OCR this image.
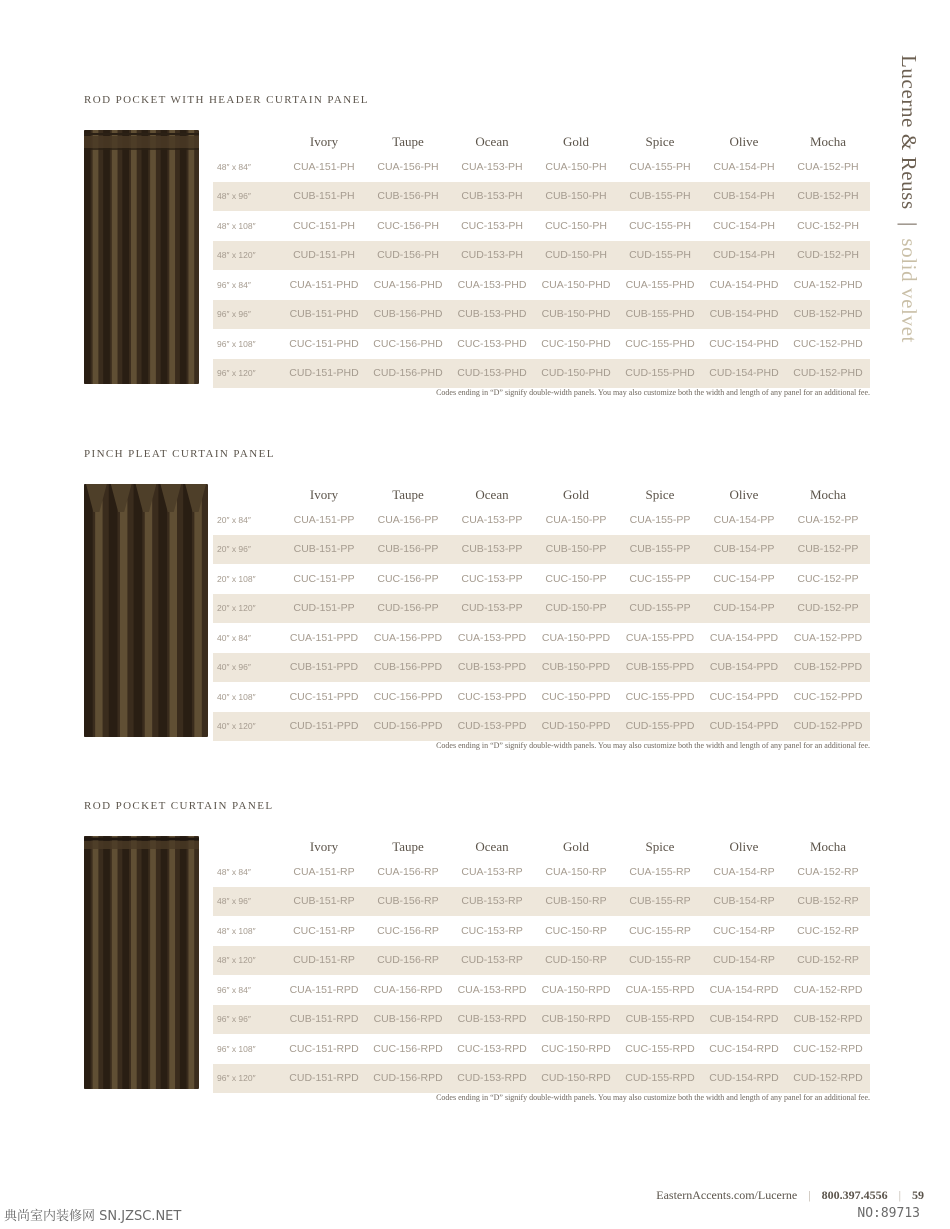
Lucerne & Reuss | solid velvet
ROD POCKET WITH HEADER CURTAIN PANEL
	Ivory	Taupe	Ocean	Gold	Spice	Olive	Mocha
48″ x 84″	CUA-151-PH	CUA-156-PH	CUA-153-PH	CUA-150-PH	CUA-155-PH	CUA-154-PH	CUA-152-PH
48″ x 96″	CUB-151-PH	CUB-156-PH	CUB-153-PH	CUB-150-PH	CUB-155-PH	CUB-154-PH	CUB-152-PH
48″ x 108″	CUC-151-PH	CUC-156-PH	CUC-153-PH	CUC-150-PH	CUC-155-PH	CUC-154-PH	CUC-152-PH
48″ x 120″	CUD-151-PH	CUD-156-PH	CUD-153-PH	CUD-150-PH	CUD-155-PH	CUD-154-PH	CUD-152-PH
96″ x 84″	CUA-151-PHD	CUA-156-PHD	CUA-153-PHD	CUA-150-PHD	CUA-155-PHD	CUA-154-PHD	CUA-152-PHD
96″ x 96″	CUB-151-PHD	CUB-156-PHD	CUB-153-PHD	CUB-150-PHD	CUB-155-PHD	CUB-154-PHD	CUB-152-PHD
96″ x 108″	CUC-151-PHD	CUC-156-PHD	CUC-153-PHD	CUC-150-PHD	CUC-155-PHD	CUC-154-PHD	CUC-152-PHD
96″ x 120″	CUD-151-PHD	CUD-156-PHD	CUD-153-PHD	CUD-150-PHD	CUD-155-PHD	CUD-154-PHD	CUD-152-PHD
Codes ending in “D” signify double-width panels. You may also customize both the width and length of any panel for an additional fee.
PINCH PLEAT CURTAIN PANEL
	Ivory	Taupe	Ocean	Gold	Spice	Olive	Mocha
20″ x 84″	CUA-151-PP	CUA-156-PP	CUA-153-PP	CUA-150-PP	CUA-155-PP	CUA-154-PP	CUA-152-PP
20″ x 96″	CUB-151-PP	CUB-156-PP	CUB-153-PP	CUB-150-PP	CUB-155-PP	CUB-154-PP	CUB-152-PP
20″ x 108″	CUC-151-PP	CUC-156-PP	CUC-153-PP	CUC-150-PP	CUC-155-PP	CUC-154-PP	CUC-152-PP
20″ x 120″	CUD-151-PP	CUD-156-PP	CUD-153-PP	CUD-150-PP	CUD-155-PP	CUD-154-PP	CUD-152-PP
40″ x 84″	CUA-151-PPD	CUA-156-PPD	CUA-153-PPD	CUA-150-PPD	CUA-155-PPD	CUA-154-PPD	CUA-152-PPD
40″ x 96″	CUB-151-PPD	CUB-156-PPD	CUB-153-PPD	CUB-150-PPD	CUB-155-PPD	CUB-154-PPD	CUB-152-PPD
40″ x 108″	CUC-151-PPD	CUC-156-PPD	CUC-153-PPD	CUC-150-PPD	CUC-155-PPD	CUC-154-PPD	CUC-152-PPD
40″ x 120″	CUD-151-PPD	CUD-156-PPD	CUD-153-PPD	CUD-150-PPD	CUD-155-PPD	CUD-154-PPD	CUD-152-PPD
Codes ending in “D” signify double-width panels. You may also customize both the width and length of any panel for an additional fee.
ROD POCKET CURTAIN PANEL
	Ivory	Taupe	Ocean	Gold	Spice	Olive	Mocha
48″ x 84″	CUA-151-RP	CUA-156-RP	CUA-153-RP	CUA-150-RP	CUA-155-RP	CUA-154-RP	CUA-152-RP
48″ x 96″	CUB-151-RP	CUB-156-RP	CUB-153-RP	CUB-150-RP	CUB-155-RP	CUB-154-RP	CUB-152-RP
48″ x 108″	CUC-151-RP	CUC-156-RP	CUC-153-RP	CUC-150-RP	CUC-155-RP	CUC-154-RP	CUC-152-RP
48″ x 120″	CUD-151-RP	CUD-156-RP	CUD-153-RP	CUD-150-RP	CUD-155-RP	CUD-154-RP	CUD-152-RP
96″ x 84″	CUA-151-RPD	CUA-156-RPD	CUA-153-RPD	CUA-150-RPD	CUA-155-RPD	CUA-154-RPD	CUA-152-RPD
96″ x 96″	CUB-151-RPD	CUB-156-RPD	CUB-153-RPD	CUB-150-RPD	CUB-155-RPD	CUB-154-RPD	CUB-152-RPD
96″ x 108″	CUC-151-RPD	CUC-156-RPD	CUC-153-RPD	CUC-150-RPD	CUC-155-RPD	CUC-154-RPD	CUC-152-RPD
96″ x 120″	CUD-151-RPD	CUD-156-RPD	CUD-153-RPD	CUD-150-RPD	CUD-155-RPD	CUD-154-RPD	CUD-152-RPD
Codes ending in “D” signify double-width panels. You may also customize both the width and length of any panel for an additional fee.
EasternAccents.com/Lucerne | 800.397.4556 | 59
典尚室内装修网 SN.JZSC.NET	NO:89713
